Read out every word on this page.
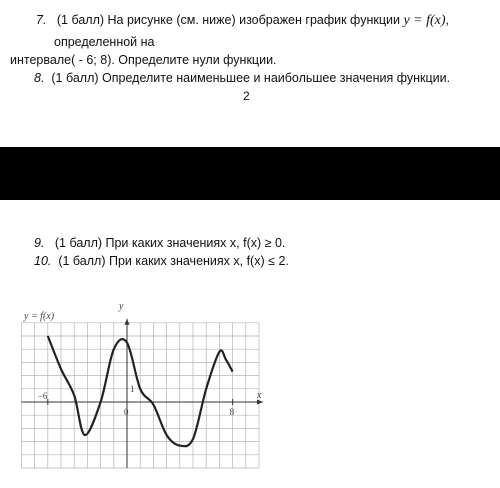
7. (1 балл) На рисунке (см. ниже) изображен график функции y = f(x),
определенной на
интервале( - 6; 8). Определите нули функции.
8. (1 балл) Определите наименьшее и наибольшее значения функции.
2
9. (1 балл) При каких значениях x, f(x) ≥ 0.
10. (1 балл) При каких значениях x, f(x) ≤ 2.
y = f(x)
y
x
−6
0	8
1
